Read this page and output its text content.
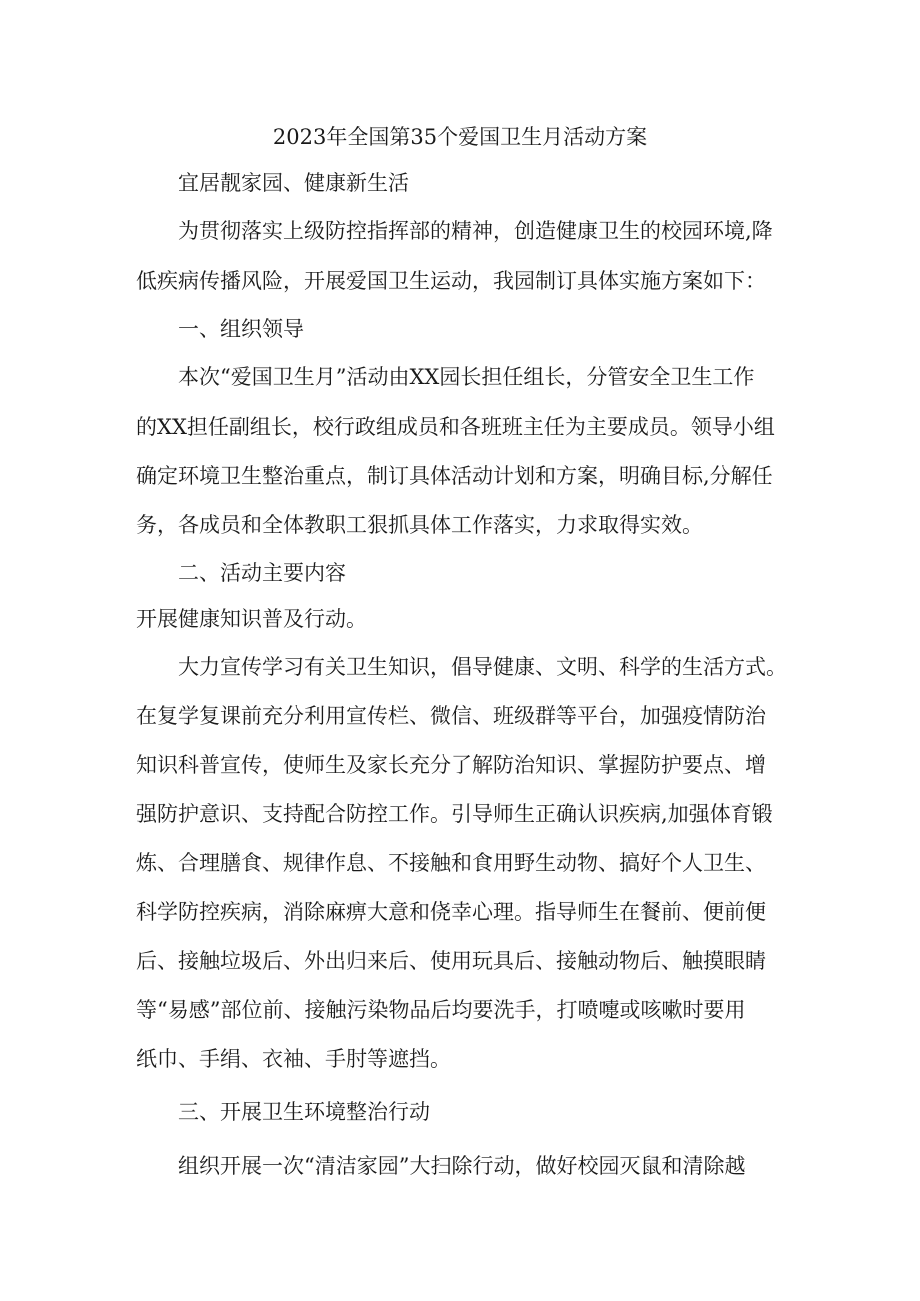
2023年全国第35个爱国卫生月活动方案
宜居靓家园、健康新生活
为贯彻落实上级防控指挥部的精神，创造健康卫生的校园环境,降
低疾病传播风险，开展爱国卫生运动，我园制订具体实施方案如下：
一、组织领导
本次“爱国卫生月”活动由XX园长担任组长，分管安全卫生工作
的XX担任副组长，校行政组成员和各班班主任为主要成员。领导小组
确定环境卫生整治重点，制订具体活动计划和方案，明确目标,分解任
务，各成员和全体教职工狠抓具体工作落实，力求取得实效。
二、活动主要内容
开展健康知识普及行动。
大力宣传学习有关卫生知识，倡导健康、文明、科学的生活方式。
在复学复课前充分利用宣传栏、微信、班级群等平台，加强疫情防治
知识科普宣传，使师生及家长充分了解防治知识、掌握防护要点、增
强防护意识、支持配合防控工作。引导师生正确认识疾病,加强体育锻
炼、合理膳食、规律作息、不接触和食用野生动物、搞好个人卫生、
科学防控疾病，消除麻痹大意和侥幸心理。指导师生在餐前、便前便
后、接触垃圾后、外出归来后、使用玩具后、接触动物后、触摸眼睛
等“易感”部位前、接触污染物品后均要洗手，打喷嚏或咳嗽时要用
纸巾、手绢、衣袖、手肘等遮挡。
三、开展卫生环境整治行动
组织开展一次“清洁家园”大扫除行动，做好校园灭鼠和清除越
